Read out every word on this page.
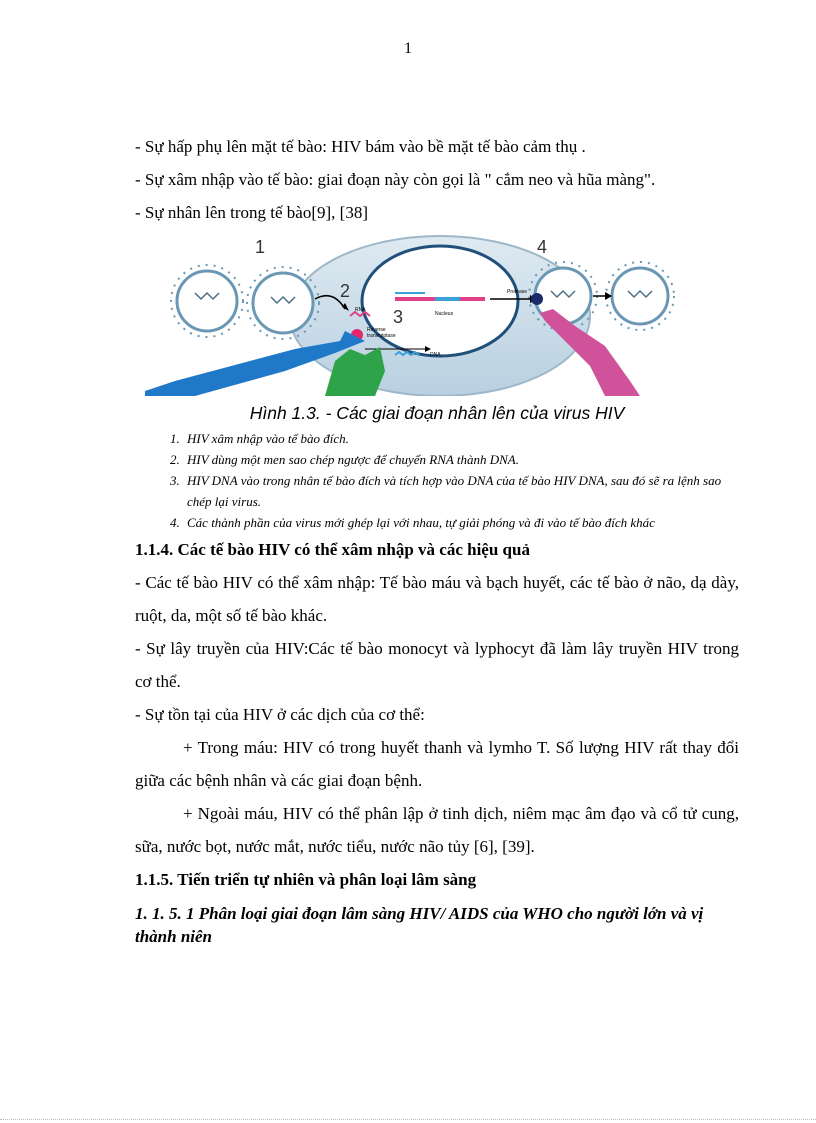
1

- Sự hấp phụ lên mặt tế bào: HIV bám vào bề mặt tế bào cảm thụ .

- Sự xâm nhập vào tế bào: giai đoạn này còn gọi là " cắm neo và hũa màng".

- Sự nhân lên trong tế bào[9], [38]

1
2
3
4
RNA
Reverse
transcriptase
DNA
Nucleus
Protease

Hình 1.3. - Các giai đoạn nhân lên của virus HIV

1. HIV xâm nhập vào tế bào đích.
2. HIV dùng một men sao chép ngược để chuyển RNA thành DNA.
3. HIV DNA vào trong nhân tế bào đích và tích hợp vào DNA của tế bào HIV DNA, sau đó sẽ ra lệnh sao chép lại virus.
4. Các thành phần của virus mới ghép lại với nhau, tự giải phóng và đi vào tế bào đích khác

1.1.4. Các tế bào HIV có thể xâm nhập và các hiệu quả

- Các tế bào HIV có thể xâm nhập: Tế bào máu và bạch huyết, các tế bào ở não, dạ dày, ruột, da, một số tế bào khác.

- Sự lây truyền của HIV:Các tế bào monocyt và lyphocyt đã làm lây truyền HIV trong cơ thể.

- Sự tồn tại của HIV ở các dịch của cơ thể:

+ Trong máu: HIV có trong huyết thanh và lymho T. Số lượng HIV rất thay đổi giữa các bệnh nhân và các giai đoạn bệnh.

+ Ngoài máu, HIV có thể phân lập ở tinh dịch, niêm mạc âm đạo và cổ tử cung, sữa, nước bọt, nước mắt, nước tiểu, nước não tủy [6], [39].

1.1.5. Tiến triển tự nhiên và phân loại lâm sàng

1. 1. 5. 1 Phân loại giai đoạn lâm sàng HIV/ AIDS của WHO cho người lớn và vị thành niên
